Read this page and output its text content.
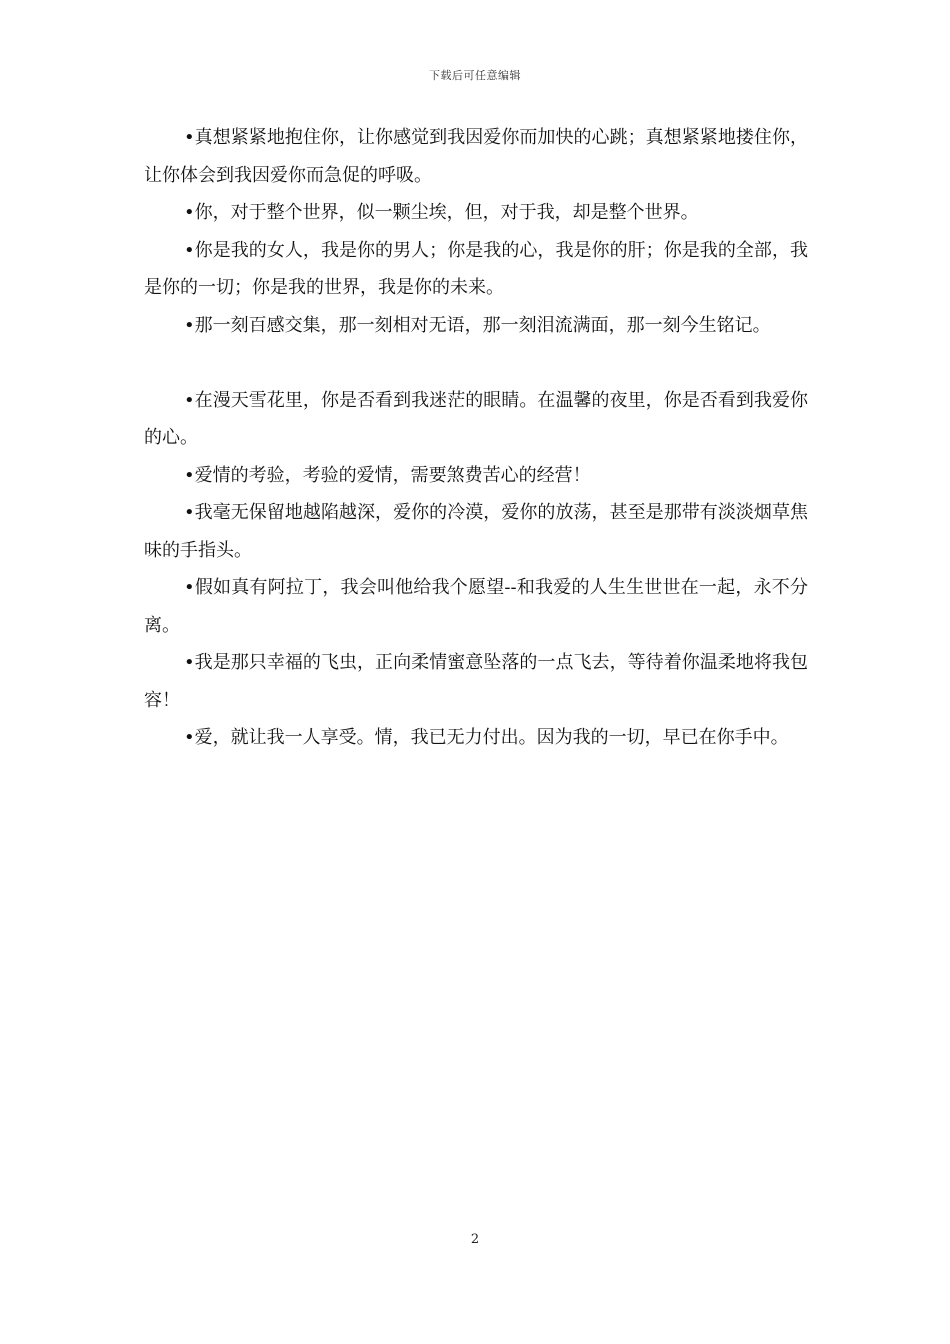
下载后可任意编辑

•真想紧紧地抱住你，让你感觉到我因爱你而加快的心跳；真想紧紧地搂住你，让你体会到我因爱你而急促的呼吸。

•你，对于整个世界，似一颗尘埃，但，对于我，却是整个世界。

•你是我的女人，我是你的男人；你是我的心，我是你的肝；你是我的全部，我是你的一切；你是我的世界，我是你的未来。

•那一刻百感交集，那一刻相对无语，那一刻泪流满面，那一刻今生铭记。

•在漫天雪花里，你是否看到我迷茫的眼睛。在温馨的夜里，你是否看到我爱你的心。

•爱情的考验，考验的爱情，需要煞费苦心的经营！

•我毫无保留地越陷越深，爱你的冷漠，爱你的放荡，甚至是那带有淡淡烟草焦味的手指头。

•假如真有阿拉丁，我会叫他给我个愿望--和我爱的人生生世世在一起，永不分离。

•我是那只幸福的飞虫，正向柔情蜜意坠落的一点飞去，等待着你温柔地将我包容！

•爱，就让我一人享受。情，我已无力付出。因为我的一切，早已在你手中。

2
